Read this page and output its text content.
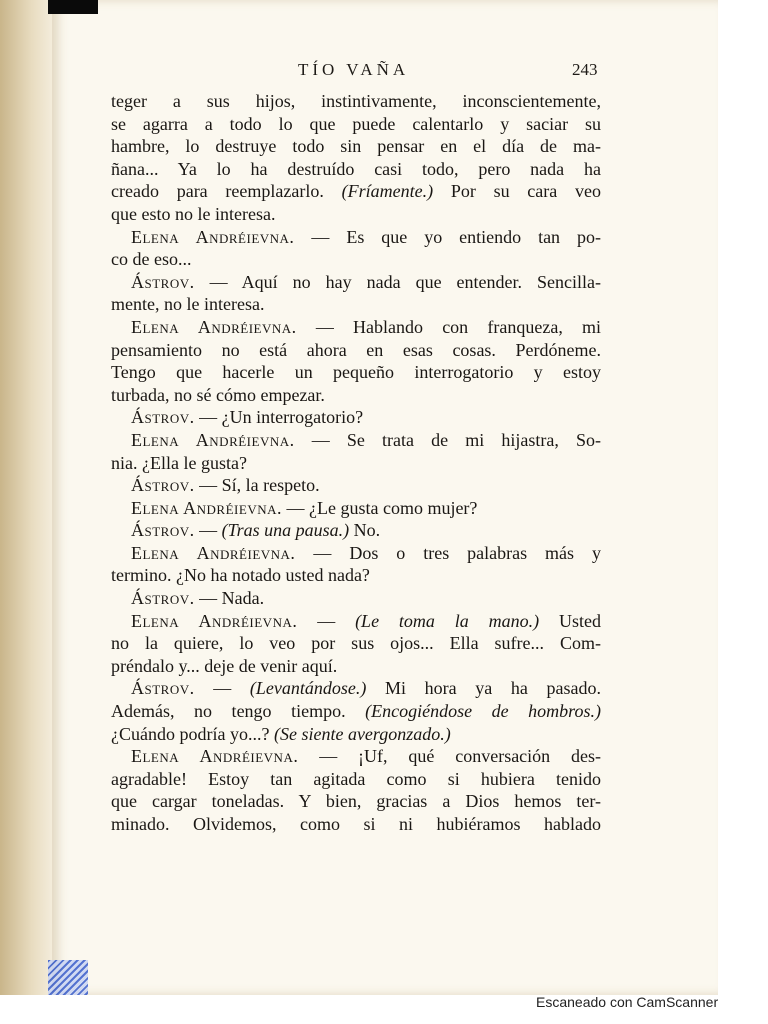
TÍO VAÑA	243
teger a sus hijos, instintivamente, inconscientemente,
se agarra a todo lo que puede calentarlo y saciar su
hambre, lo destruye todo sin pensar en el día de ma-
ñana... Ya lo ha destruído casi todo, pero nada ha
creado para reemplazarlo. (Fríamente.) Por su cara veo
que esto no le interesa.
Elena Andréievna. — Es que yo entiendo tan po-
co de eso...
Ástrov. — Aquí no hay nada que entender. Sencilla-
mente, no le interesa.
Elena Andréievna. — Hablando con franqueza, mi
pensamiento no está ahora en esas cosas. Perdóneme.
Tengo que hacerle un pequeño interrogatorio y estoy
turbada, no sé cómo empezar.
Ástrov. — ¿Un interrogatorio?
Elena Andréievna. — Se trata de mi hijastra, So-
nia. ¿Ella le gusta?
Ástrov. — Sí, la respeto.
Elena Andréievna. — ¿Le gusta como mujer?
Ástrov. — (Tras una pausa.) No.
Elena Andréievna. — Dos o tres palabras más y
termino. ¿No ha notado usted nada?
Ástrov. — Nada.
Elena Andréievna. — (Le toma la mano.) Usted
no la quiere, lo veo por sus ojos... Ella sufre... Com-
préndalo y... deje de venir aquí.
Ástrov. — (Levantándose.) Mi hora ya ha pasado.
Además, no tengo tiempo. (Encogiéndose de hombros.)
¿Cuándo podría yo...? (Se siente avergonzado.)
Elena Andréievna. — ¡Uf, qué conversación des-
agradable! Estoy tan agitada como si hubiera tenido
que cargar toneladas. Y bien, gracias a Dios hemos ter-
minado. Olvidemos, como si ni hubiéramos hablado
Escaneado con CamScanner
